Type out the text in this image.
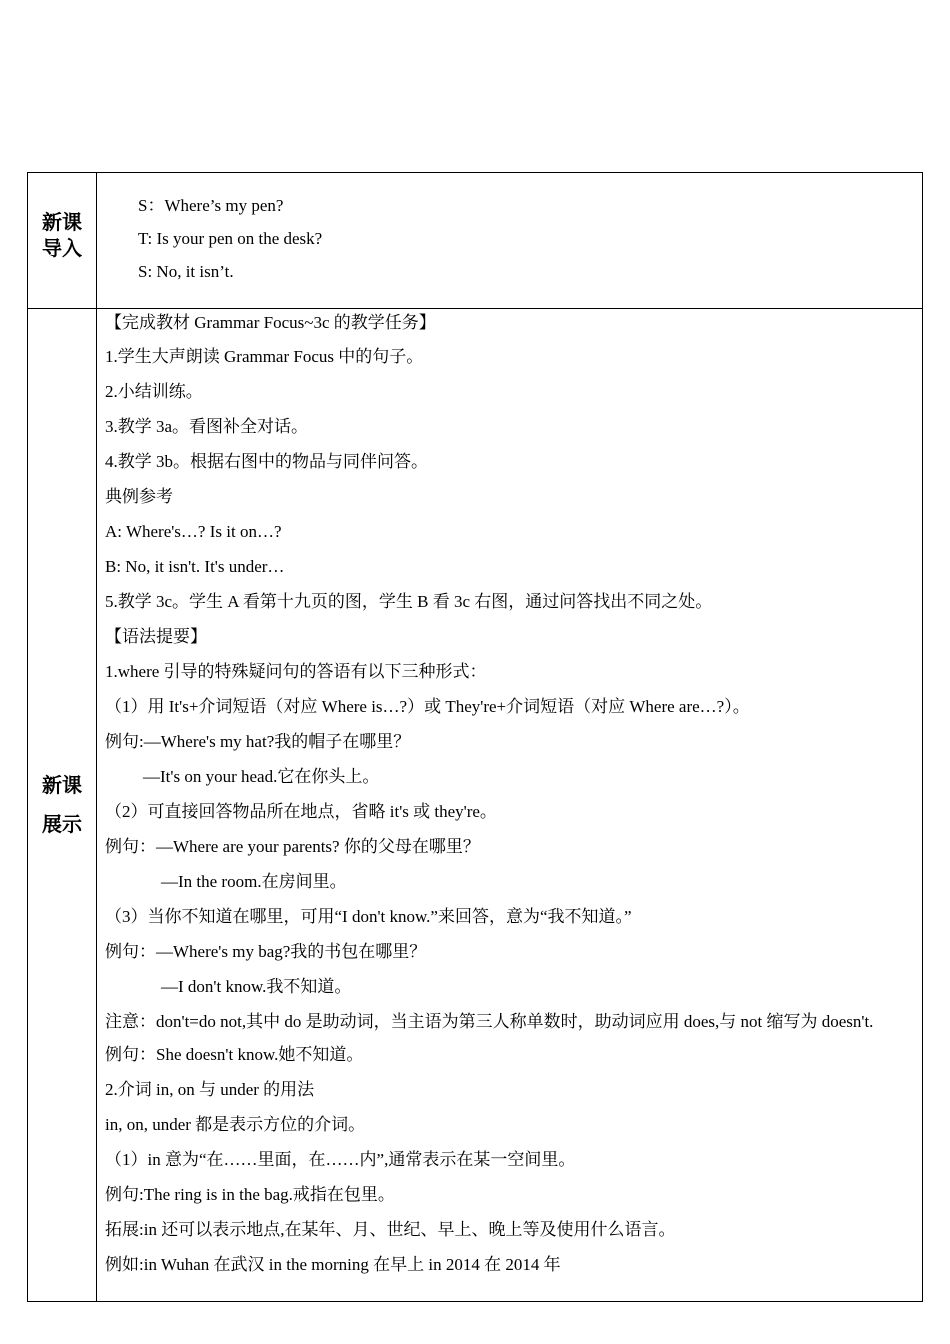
新课
导入
S：Where’s my pen?
T: Is your pen on the desk?
S: No, it isn’t.
新课
展示
【完成教材 Grammar Focus~3c 的教学任务】
1.学生大声朗读 Grammar Focus 中的句子。
2.小结训练。
3.教学 3a。看图补全对话。
4.教学 3b。根据右图中的物品与同伴问答。
典例参考
A: Where's…? Is it on…?
B: No, it isn't. It's under…
5.教学 3c。学生 A 看第十九页的图，学生 B 看 3c 右图，通过问答找出不同之处。
【语法提要】
1.where 引导的特殊疑问句的答语有以下三种形式：
（1）用 It's+介词短语（对应 Where is…?）或 They're+介词短语（对应 Where are…?）。
例句:—Where's my hat?我的帽子在哪里？
—It's on your head.它在你头上。
（2）可直接回答物品所在地点，省略 it's 或 they're。
例句：—Where are your parents? 你的父母在哪里？
—In the room.在房间里。
（3）当你不知道在哪里，可用“I don't know.”来回答，意为“我不知道。”
例句：—Where's my bag?我的书包在哪里？
—I don't know.我不知道。
注意：don't=do not,其中 do 是助动词，当主语为第三人称单数时，助动词应用 does,与 not 缩写为 doesn't.
例句：She doesn't know.她不知道。
2.介词 in, on 与 under 的用法
in, on, under 都是表示方位的介词。
（1）in 意为“在……里面，在……内”,通常表示在某一空间里。
例句:The ring is in the bag.戒指在包里。
拓展:in 还可以表示地点,在某年、月、世纪、早上、晚上等及使用什么语言。
例如:in Wuhan 在武汉 in the morning 在早上 in 2014 在 2014 年
